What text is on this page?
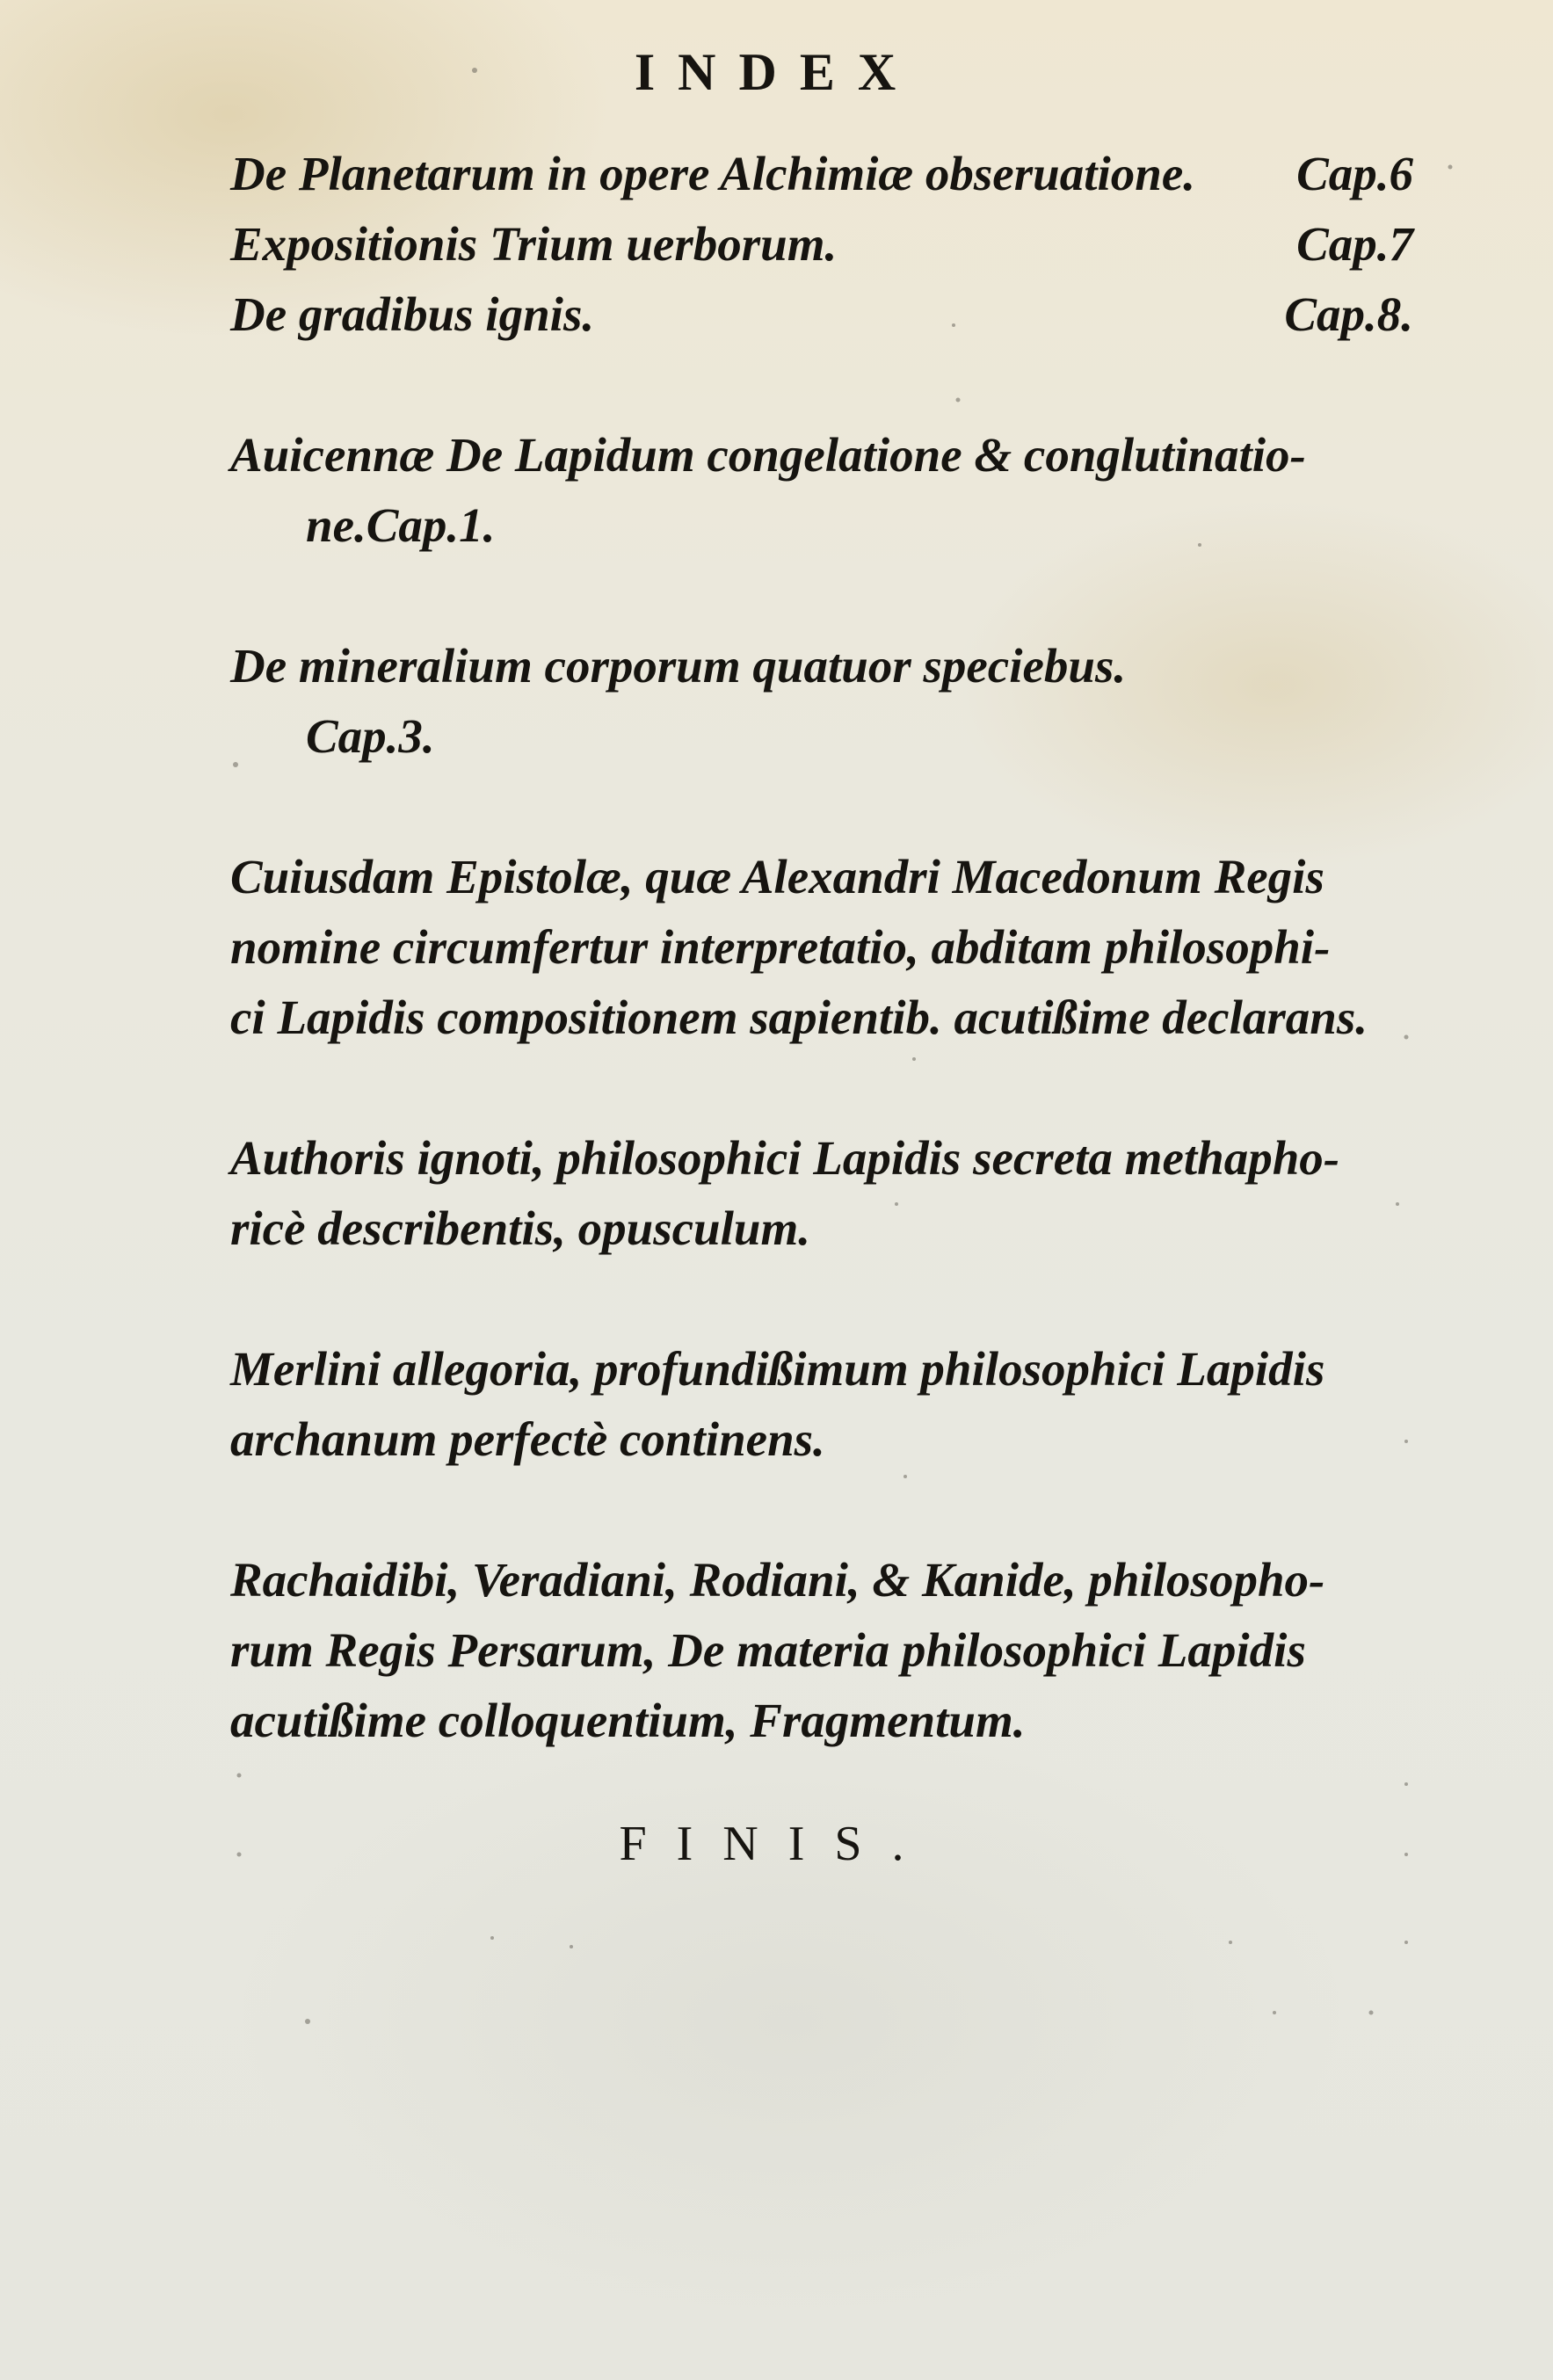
INDEX
De Planetarum in opere Alchimiæ obseruatione. Cap.6
Expositionis Trium uerborum.	Cap.7
De gradibus ignis.	Cap.8.
Auicennæ De Lapidum congelatione & conglutinatio-
ne.Cap.1.
De mineralium corporum quatuor speciebus.
Cap.3.
Cuiusdam Epistolæ, quæ Alexandri Macedonum Regis
nomine circumfertur interpretatio, abditam philosophi-
ci Lapidis compositionem sapientib. acutißime declarans.
Authoris ignoti, philosophici Lapidis secreta methapho-
ricè describentis, opusculum.
Merlini allegoria, profundißimum philosophici Lapidis
archanum perfectè continens.
Rachaidibi, Veradiani, Rodiani, & Kanide, philosopho-
rum Regis Persarum, De materia philosophici Lapidis
acutißime colloquentium, Fragmentum.
FINIS.
